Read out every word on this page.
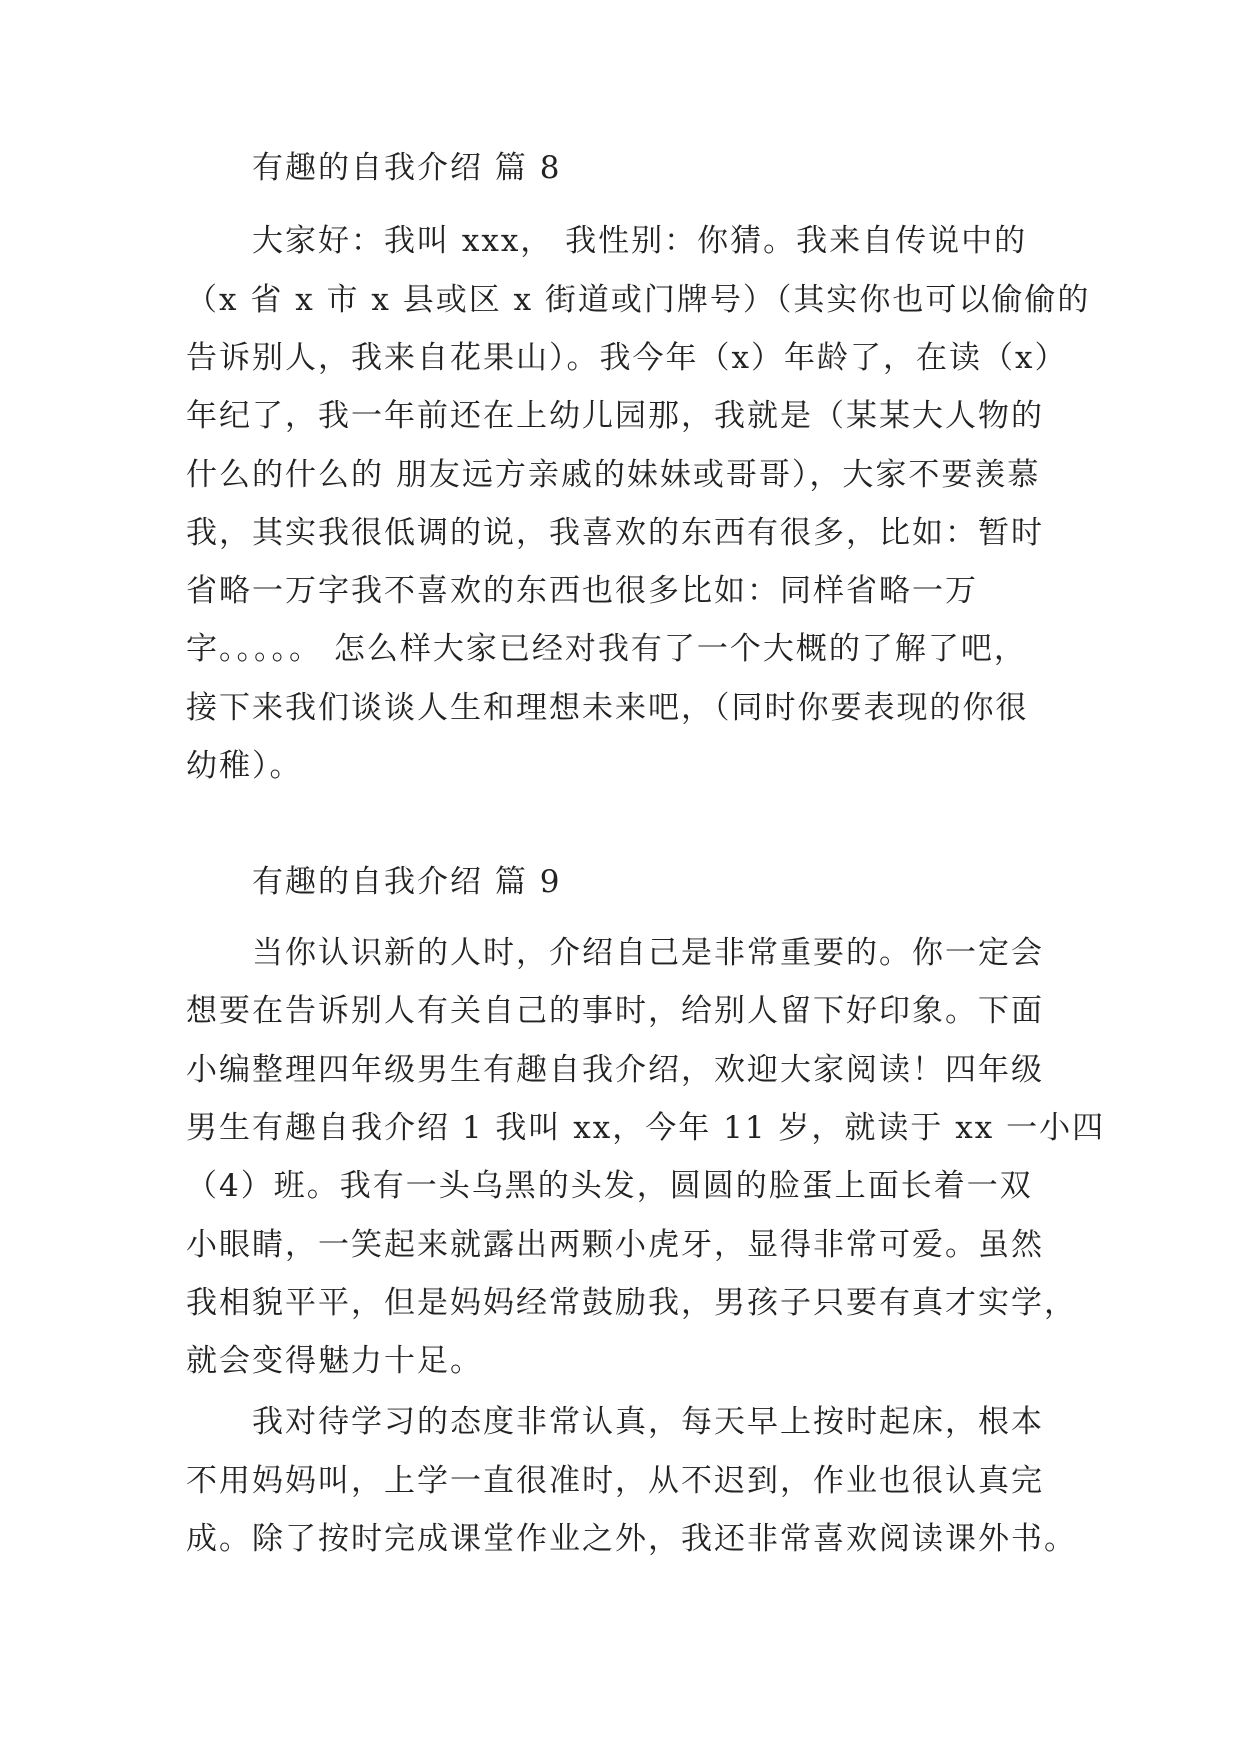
有趣的自我介绍 篇 8
大家好：我叫 xxx， 我性别：你猜。我来自传说中的
（x 省 x 市 x 县或区 x 街道或门牌号）（其实你也可以偷偷的
告诉别人，我来自花果山）。我今年（x）年龄了，在读（x）
年纪了，我一年前还在上幼儿园那，我就是（某某大人物的
什么的什么的 朋友远方亲戚的妹妹或哥哥），大家不要羡慕
我，其实我很低调的说，我喜欢的东西有很多，比如：暂时
省略一万字我不喜欢的东西也很多比如：同样省略一万
字。。。。。 怎么样大家已经对我有了一个大概的了解了吧，
接下来我们谈谈人生和理想未来吧，（同时你要表现的你很
幼稚）。
有趣的自我介绍 篇 9
当你认识新的人时，介绍自己是非常重要的。你一定会
想要在告诉别人有关自己的事时，给别人留下好印象。下面
小编整理四年级男生有趣自我介绍，欢迎大家阅读！四年级
男生有趣自我介绍 1 我叫 xx，今年 11 岁，就读于 xx 一小四
（4）班。我有一头乌黑的头发，圆圆的脸蛋上面长着一双
小眼睛，一笑起来就露出两颗小虎牙，显得非常可爱。虽然
我相貌平平，但是妈妈经常鼓励我，男孩子只要有真才实学，
就会变得魅力十足。
我对待学习的态度非常认真，每天早上按时起床，根本
不用妈妈叫，上学一直很准时，从不迟到，作业也很认真完
成。除了按时完成课堂作业之外，我还非常喜欢阅读课外书。
